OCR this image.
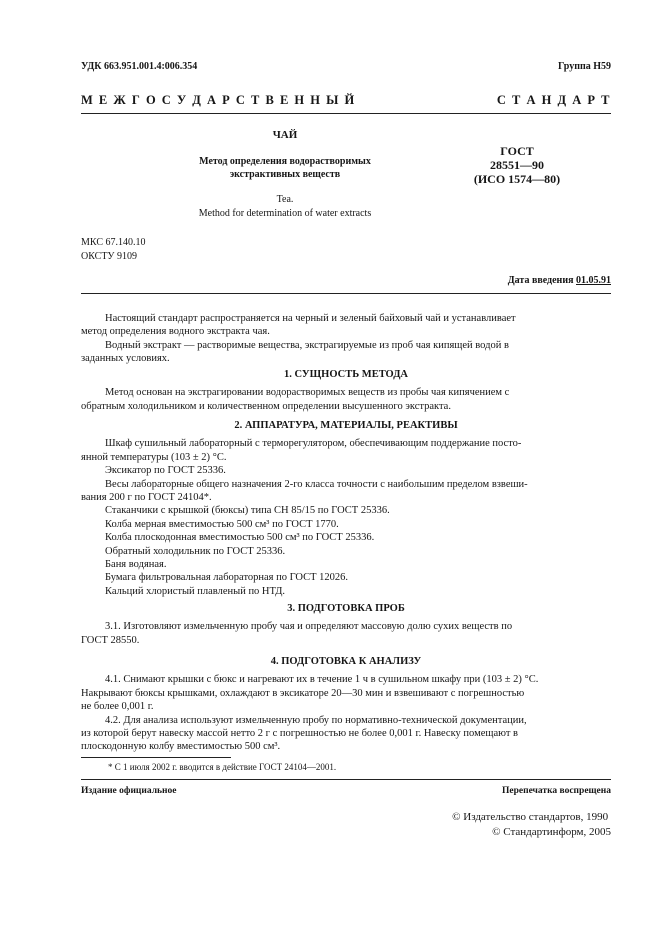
УДК 663.951.001.4:006.354	Группа Н59
М Е Ж Г О С У Д А Р С Т В Е Н Н Ы Й	С Т А Н Д А Р Т
ЧАЙ
Метод определения водорастворимых
экстрактивных веществ
Tea.
Method for determination of water extracts
ГОСТ
28551—90
(ИСО 1574—80)
МКС 67.140.10
ОКСТУ 9109
Дата введения 01.05.91
Настоящий стандарт распространяется на черный и зеленый байховый чай и устанавливает
метод определения водного экстракта чая.
Водный экстракт — растворимые вещества, экстрагируемые из проб чая кипящей водой в
заданных условиях.
1. СУЩНОСТЬ МЕТОДА
Метод основан на экстрагировании водорастворимых веществ из пробы чая кипячением с
обратным холодильником и количественном определении высушенного экстракта.
2. АППАРАТУРА, МАТЕРИАЛЫ, РЕАКТИВЫ
Шкаф сушильный лабораторный с терморегулятором, обеспечивающим поддержание посто-
янной температуры (103 ± 2) °С.
Эксикатор по ГОСТ 25336.
Весы лабораторные общего назначения 2-го класса точности с наибольшим пределом взвеши-
вания 200 г по ГОСТ 24104*.
Стаканчики с крышкой (бюксы) типа СН 85/15 по ГОСТ 25336.
Колба мерная вместимостью 500 см³ по ГОСТ 1770.
Колба плоскодонная вместимостью 500 см³ по ГОСТ 25336.
Обратный холодильник по ГОСТ 25336.
Баня водяная.
Бумага фильтровальная лабораторная по ГОСТ 12026.
Кальций хлористый плавленый по НТД.
3. ПОДГОТОВКА ПРОБ
3.1. Изготовляют измельченную пробу чая и определяют массовую долю сухих веществ по
ГОСТ 28550.
4. ПОДГОТОВКА К АНАЛИЗУ
4.1. Снимают крышки с бюкс и нагревают их в течение 1 ч в сушильном шкафу при (103 ± 2) °С.
Накрывают бюксы крышками, охлаждают в эксикаторе 20—30 мин и взвешивают с погрешностью
не более 0,001 г.
4.2. Для анализа используют измельченную пробу по нормативно-технической документации,
из которой берут навеску массой нетто 2 г с погрешностью не более 0,001 г. Навеску помещают в
плоскодонную колбу вместимостью 500 см³.
* С 1 июля 2002 г. вводится в действие ГОСТ 24104—2001.
Издание официальное	Перепечатка воспрещена
© Издательство стандартов, 1990
© Стандартинформ, 2005
